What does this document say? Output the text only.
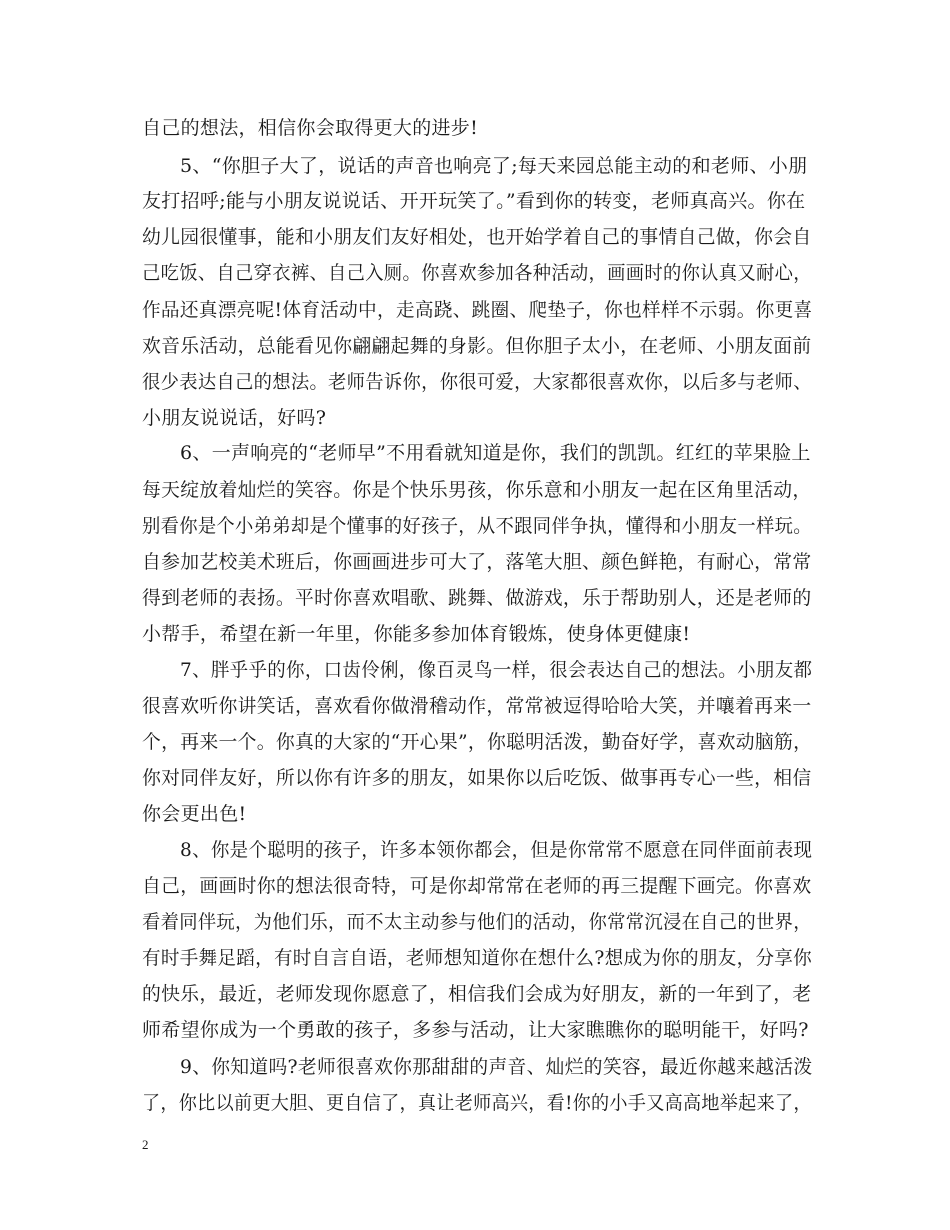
自己的想法，相信你会取得更大的进步!
5、“你胆子大了，说话的声音也响亮了;每天来园总能主动的和老师、小朋
友打招呼;能与小朋友说说话、开开玩笑了。”看到你的转变，老师真高兴。你在
幼儿园很懂事，能和小朋友们友好相处，也开始学着自己的事情自己做，你会自
己吃饭、自己穿衣裤、自己入厕。你喜欢参加各种活动，画画时的你认真又耐心，
作品还真漂亮呢!体育活动中，走高跷、跳圈、爬垫子，你也样样不示弱。你更喜
欢音乐活动，总能看见你翩翩起舞的身影。但你胆子太小，在老师、小朋友面前
很少表达自己的想法。老师告诉你，你很可爱，大家都很喜欢你，以后多与老师、
小朋友说说话，好吗?
6、一声响亮的“老师早”不用看就知道是你，我们的凯凯。红红的苹果脸上
每天绽放着灿烂的笑容。你是个快乐男孩，你乐意和小朋友一起在区角里活动，
别看你是个小弟弟却是个懂事的好孩子，从不跟同伴争执，懂得和小朋友一样玩。
自参加艺校美术班后，你画画进步可大了，落笔大胆、颜色鲜艳，有耐心，常常
得到老师的表扬。平时你喜欢唱歌、跳舞、做游戏，乐于帮助别人，还是老师的
小帮手，希望在新一年里，你能多参加体育锻炼，使身体更健康!
7、胖乎乎的你，口齿伶俐，像百灵鸟一样，很会表达自己的想法。小朋友都
很喜欢听你讲笑话，喜欢看你做滑稽动作，常常被逗得哈哈大笑，并嚷着再来一
个，再来一个。你真的大家的“开心果”，你聪明活泼，勤奋好学，喜欢动脑筋，
你对同伴友好，所以你有许多的朋友，如果你以后吃饭、做事再专心一些，相信
你会更出色!
8、你是个聪明的孩子，许多本领你都会，但是你常常不愿意在同伴面前表现
自己，画画时你的想法很奇特，可是你却常常在老师的再三提醒下画完。你喜欢
看着同伴玩，为他们乐，而不太主动参与他们的活动，你常常沉浸在自己的世界，
有时手舞足蹈，有时自言自语，老师想知道你在想什么?想成为你的朋友，分享你
的快乐，最近，老师发现你愿意了，相信我们会成为好朋友，新的一年到了，老
师希望你成为一个勇敢的孩子，多参与活动，让大家瞧瞧你的聪明能干，好吗?
9、你知道吗?老师很喜欢你那甜甜的声音、灿烂的笑容，最近你越来越活泼
了，你比以前更大胆、更自信了，真让老师高兴，看!你的小手又高高地举起来了，
2
